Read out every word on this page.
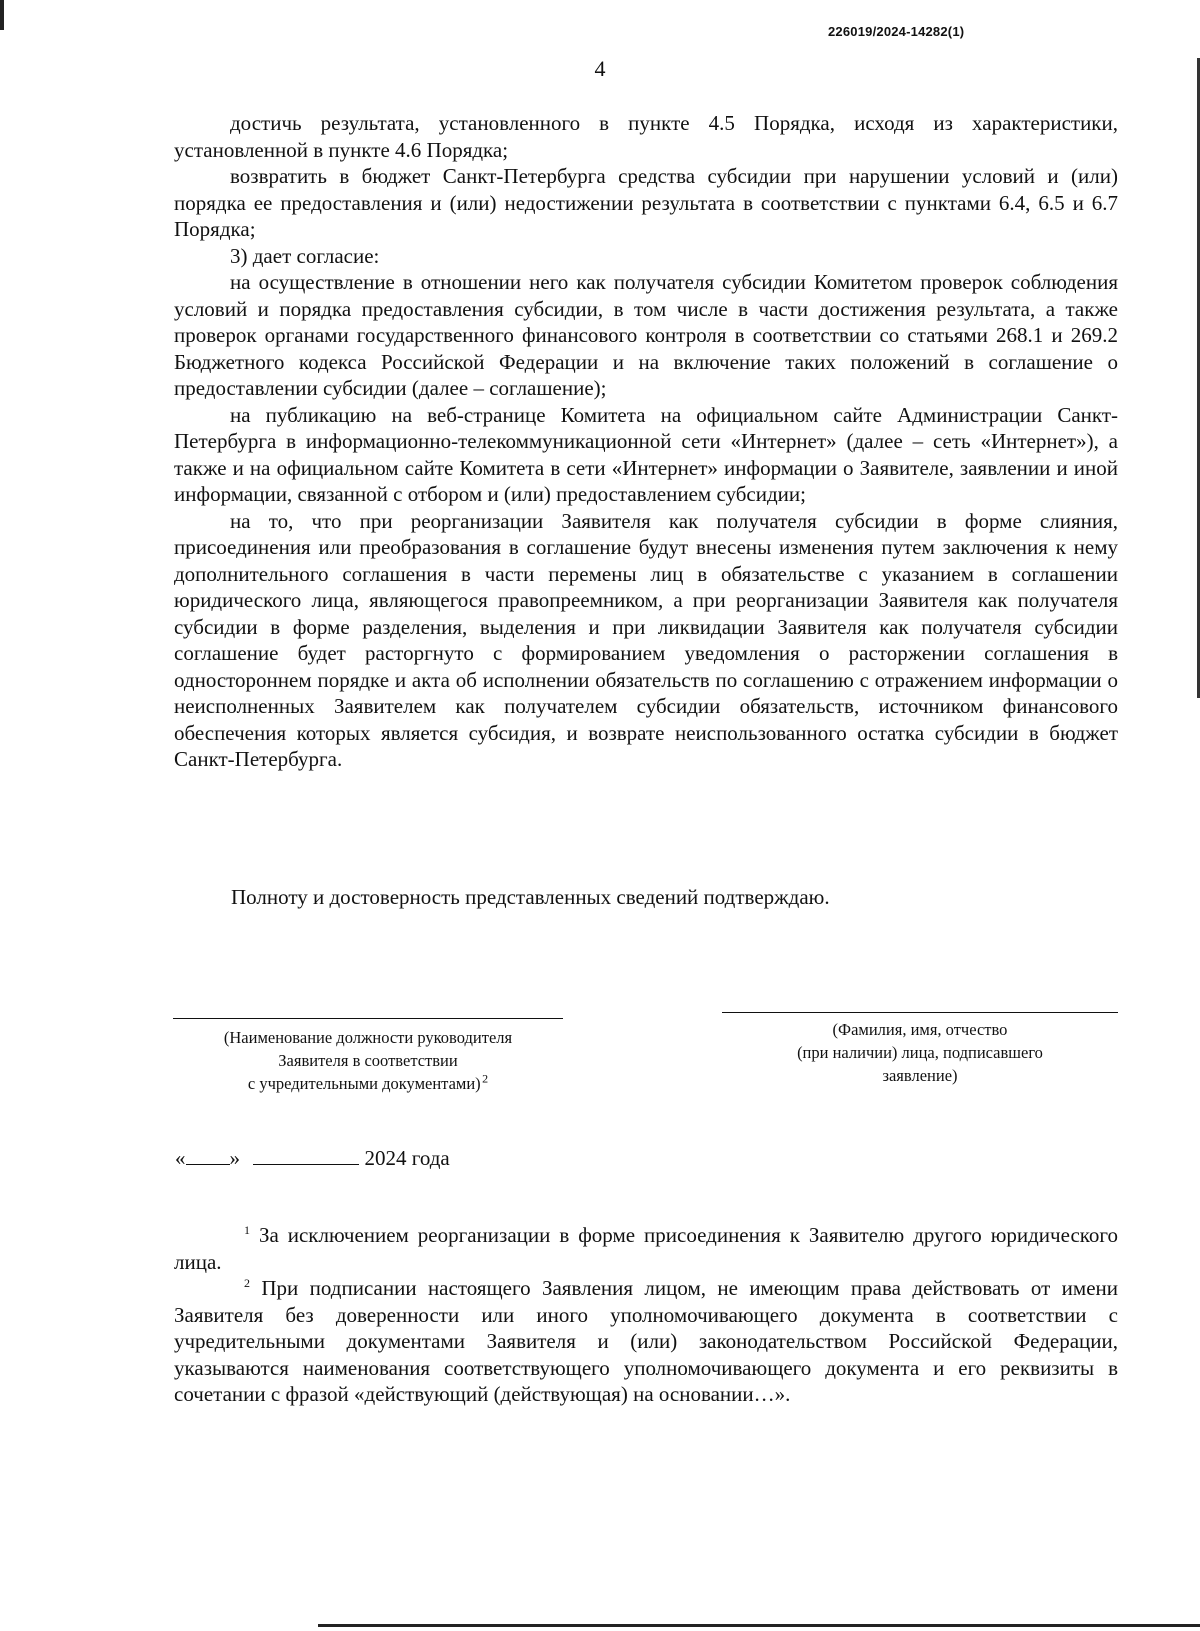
226019/2024-14282(1)
4

достичь результата, установленного в пункте 4.5 Порядка, исходя из характеристики, установленной в пункте 4.6 Порядка;

возвратить в бюджет Санкт-Петербурга средства субсидии при нарушении условий и (или) порядка ее предоставления и (или) недостижении результата в соответствии с пунктами 6.4, 6.5 и 6.7 Порядка;

3) дает согласие:

на осуществление в отношении него как получателя субсидии Комитетом проверок соблюдения условий и порядка предоставления субсидии, в том числе в части достижения результата, а также проверок органами государственного финансового контроля в соответствии со статьями 268.1 и 269.2 Бюджетного кодекса Российской Федерации и на включение таких положений в соглашение о предоставлении субсидии (далее – соглашение);

на публикацию на веб-странице Комитета на официальном сайте Администрации Санкт-Петербурга в информационно-телекоммуникационной сети «Интернет» (далее – сеть «Интернет»), а также и на официальном сайте Комитета в сети «Интернет» информации о Заявителе, заявлении и иной информации, связанной с отбором и (или) предоставлением субсидии;

на то, что при реорганизации Заявителя как получателя субсидии в форме слияния, присоединения или преобразования в соглашение будут внесены изменения путем заключения к нему дополнительного соглашения в части перемены лиц в обязательстве с указанием в соглашении юридического лица, являющегося правопреемником, а при реорганизации Заявителя как получателя субсидии в форме разделения, выделения и при ликвидации Заявителя как получателя субсидии соглашение будет расторгнуто с формированием уведомления о расторжении соглашения в одностороннем порядке и акта об исполнении обязательств по соглашению с отражением информации о неисполненных Заявителем как получателем субсидии обязательств, источником финансового обеспечения которых является субсидия, и возврате неиспользованного остатка субсидии в бюджет Санкт-Петербурга.

Полноту и достоверность представленных сведений подтверждаю.
(Наименование должности руководителя
Заявителя в соответствии
с учредительными документами) $^2$
(Фамилия, имя, отчество
(при наличии) лица, подписавшего
заявление)
« »	2024 года

$^1$ За исключением реорганизации в форме присоединения к Заявителю другого юридического лица.

$^2$ При подписании настоящего Заявления лицом, не имеющим права действовать от имени Заявителя без доверенности или иного уполномочивающего документа в соответствии с учредительными документами Заявителя и (или) законодательством Российской Федерации, указываются наименования соответствующего уполномочивающего документа и его реквизиты в сочетании с фразой «действующий (действующая) на основании…».
